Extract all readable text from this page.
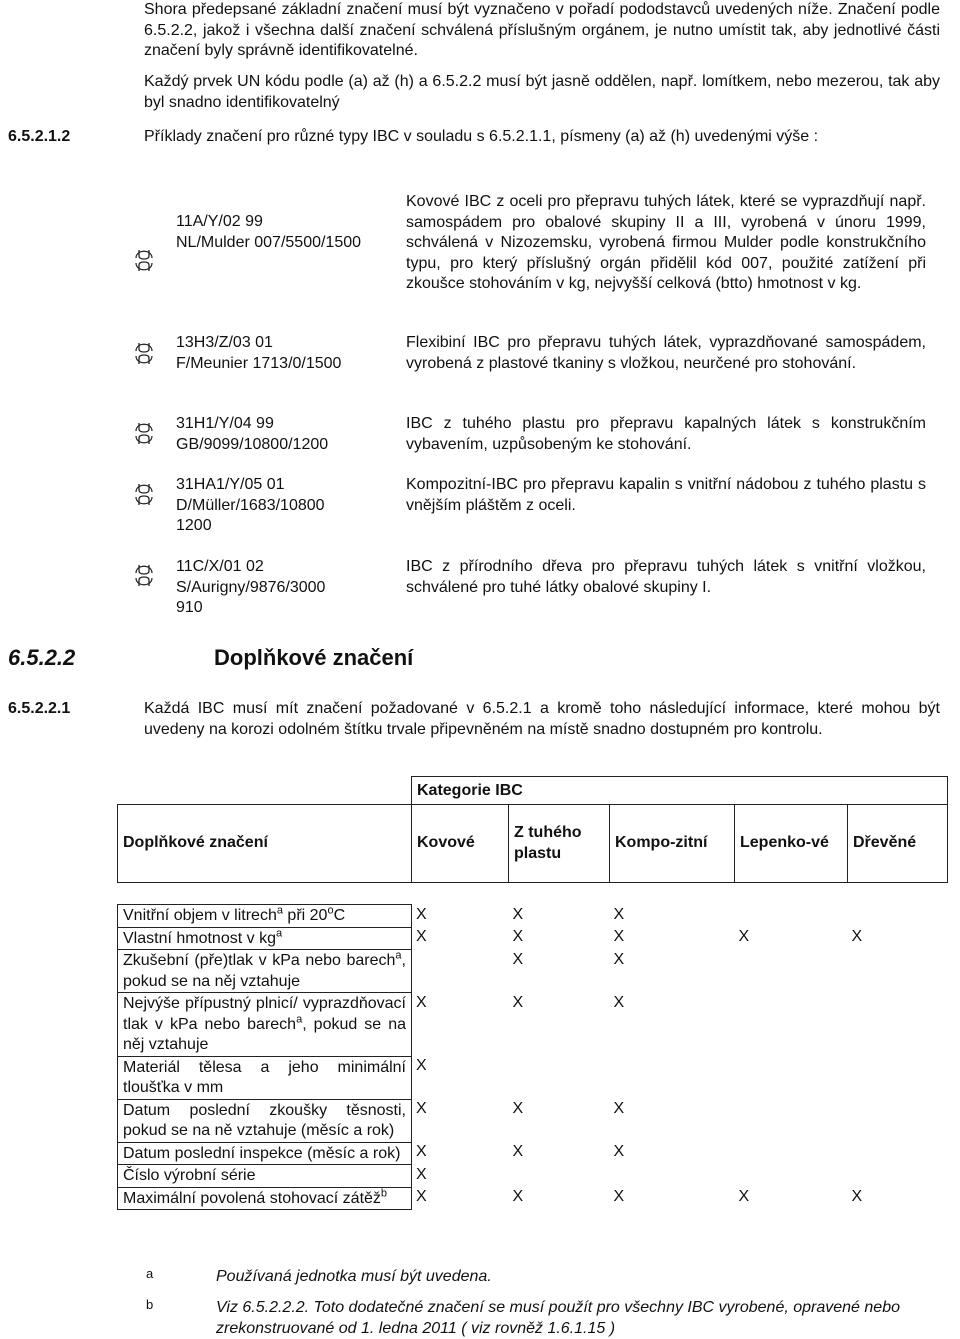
Shora předepsané základní značení musí být vyznačeno v pořadí pododstavců uvedených níže. Značení podle 6.5.2.2, jakož i všechna další značení schválená příslušným orgánem, je nutno umístit tak, aby jednotlivé části značení byly správně identifikovatelné.
Každý prvek UN kódu podle (a) až (h) a 6.5.2.2 musí být jasně oddělen, např. lomítkem, nebo mezerou, tak aby byl snadno identifikovatelný
6.5.2.1.2	Příklady značení pro různé typy IBC v souladu s 6.5.2.1.1, písmeny (a) až (h) uvedenými výše :
11A/Y/02 99
NL/Mulder 007/5500/1500
Kovové IBC z oceli pro přepravu tuhých látek, které se vyprazdňují např. samospádem pro obalové skupiny II a III, vyrobená v únoru 1999, schválená v Nizozemsku, vyrobená firmou Mulder podle konstrukčního typu, pro který příslušný orgán přidělil kód 007, použité zatížení při zkoušce stohováním v kg, nejvyšší celková (btto) hmotnost v kg.
13H3/Z/03 01
F/Meunier 1713/0/1500
Flexibiní IBC pro přepravu tuhých látek, vyprazdňované samospádem, vyrobená z plastové tkaniny s vložkou, neurčené pro stohování.
31H1/Y/04 99
GB/9099/10800/1200
IBC z tuhého plastu pro přepravu kapalných látek s konstrukčním vybavením, uzpůsobeným ke stohování.
31HA1/Y/05 01
D/Müller/1683/10800
1200
Kompozitní-IBC pro přepravu kapalin s vnitřní nádobou z tuhého plastu s vnějším pláštěm z oceli.
11C/X/01 02
S/Aurigny/9876/3000
910
IBC z přírodního dřeva pro přepravu tuhých látek s vnitřní vložkou, schválené pro tuhé látky obalové skupiny I.
6.5.2.2	Doplňkové značení
6.5.2.2.1	Každá IBC musí mít značení požadované v 6.5.2.1 a kromě toho následující informace, které mohou být uvedeny na korozi odolném štítku trvale připevněném na místě snadno dostupném pro kontrolu.
	Kategorie IBC				
Doplňkové značení	Kovové	Z tuhého plastu	Kompo-zitní	Lepenko-vé	Dřevěné

Vnitřní objem v litrech$^a$ při 20$^o$C	X	X	X		
Vlastní hmotnost v $kg^a$	X	X	X	X	X
Zkušební (pře)tlak v kPa nebo barech$^a$, pokud se na něj vztahuje		X	X		
Nejvýše přípustný plnicí/ vyprazdňovací tlak v kPa nebo barech$^a$, pokud se na něj vztahuje	X	X	X		
Materiál tělesa a jeho minimální tloušťka v mm	X				
Datum poslední zkoušky těsnosti, pokud se na ně vztahuje (měsíc a rok)	X	X	X		
Datum poslední inspekce (měsíc a rok)	X	X	X		
Číslo výrobní série	X				
Maximální povolená stohovací zátěž$^b$	X	X	X	X	X
a	Používaná jednotka musí být uvedena.
b	Viz 6.5.2.2.2. Toto dodatečné značení se musí použít pro všechny IBC vyrobené, opravené nebo zrekonstruované od 1. ledna 2011 ( viz rovněž 1.6.1.15 )
